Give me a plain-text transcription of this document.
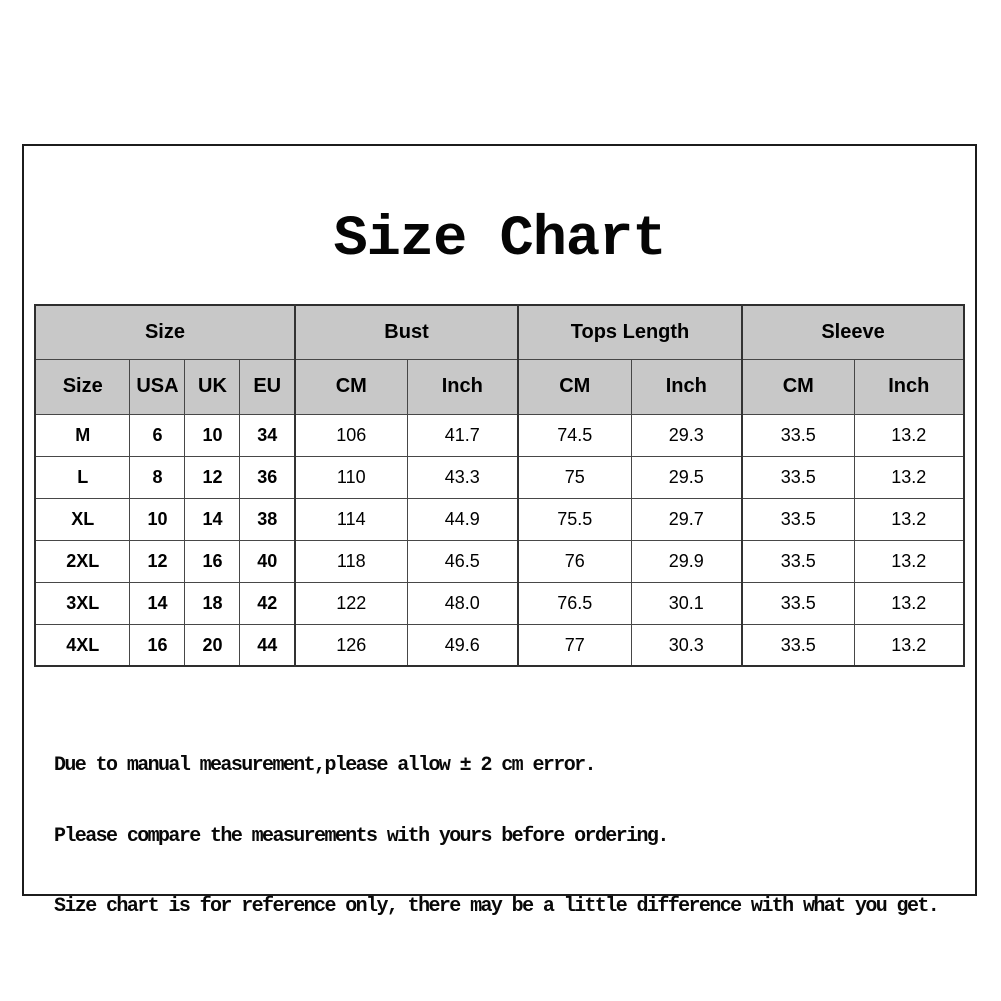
Size Chart
Size				Bust		Tops Length		Sleeve	
Size	USA	UK	EU	CM	Inch	CM	Inch	CM	Inch
M	6	10	34	106	41.7	74.5	29.3	33.5	13.2
L	8	12	36	110	43.3	75	29.5	33.5	13.2
XL	10	14	38	114	44.9	75.5	29.7	33.5	13.2
2XL	12	16	40	118	46.5	76	29.9	33.5	13.2
3XL	14	18	42	122	48.0	76.5	30.1	33.5	13.2
4XL	16	20	44	126	49.6	77	30.3	33.5	13.2

Due to manual measurement,please allow ± 2 cm error.

Please compare the measurements with yours before ordering.

Size chart is for reference only, there may be a little difference with what you get.
